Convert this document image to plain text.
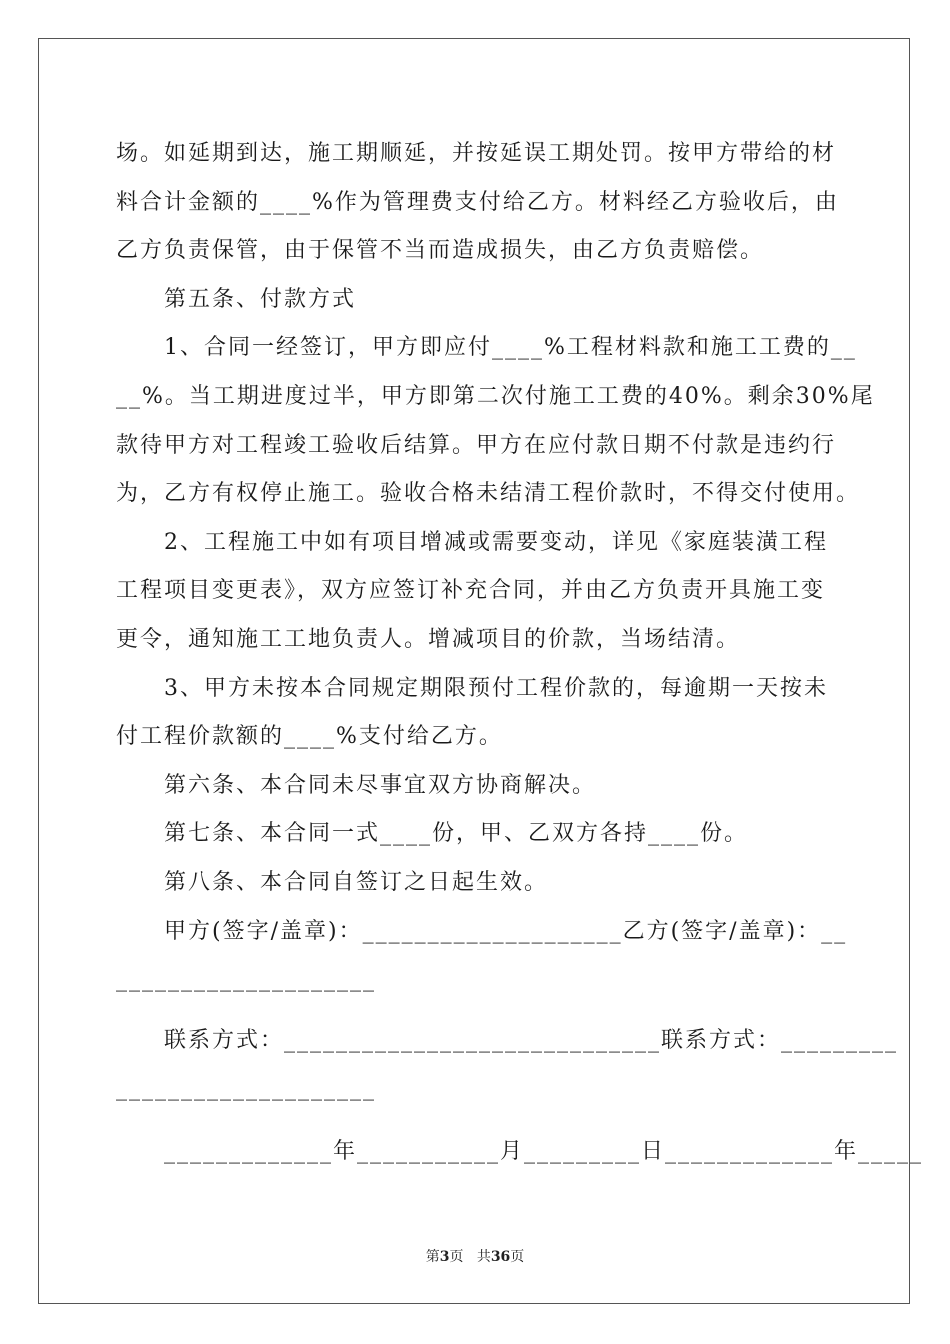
场。如延期到达，施工期顺延，并按延误工期处罚。按甲方带给的材
料合计金额的____%作为管理费支付给乙方。材料经乙方验收后，由
乙方负责保管，由于保管不当而造成损失，由乙方负责赔偿。
第五条、付款方式
1、合同一经签订，甲方即应付____%工程材料款和施工工费的__
__%。当工期进度过半，甲方即第二次付施工工费的40%。剩余30%尾
款待甲方对工程竣工验收后结算。甲方在应付款日期不付款是违约行
为，乙方有权停止施工。验收合格未结清工程价款时，不得交付使用。
2、工程施工中如有项目增减或需要变动，详见《家庭装潢工程
工程项目变更表》，双方应签订补充合同，并由乙方负责开具施工变
更令，通知施工工地负责人。增减项目的价款，当场结清。
3、甲方未按本合同规定期限预付工程价款的，每逾期一天按未
付工程价款额的____%支付给乙方。
第六条、本合同未尽事宜双方协商解决。
第七条、本合同一式____份，甲、乙双方各持____份。
第八条、本合同自签订之日起生效。
甲方(签字/盖章)：____________________乙方(签字/盖章)：__
____________________
联系方式：_____________________________联系方式：_________
____________________
_____________年___________月_________日_____________年_____
第3页 共36页
